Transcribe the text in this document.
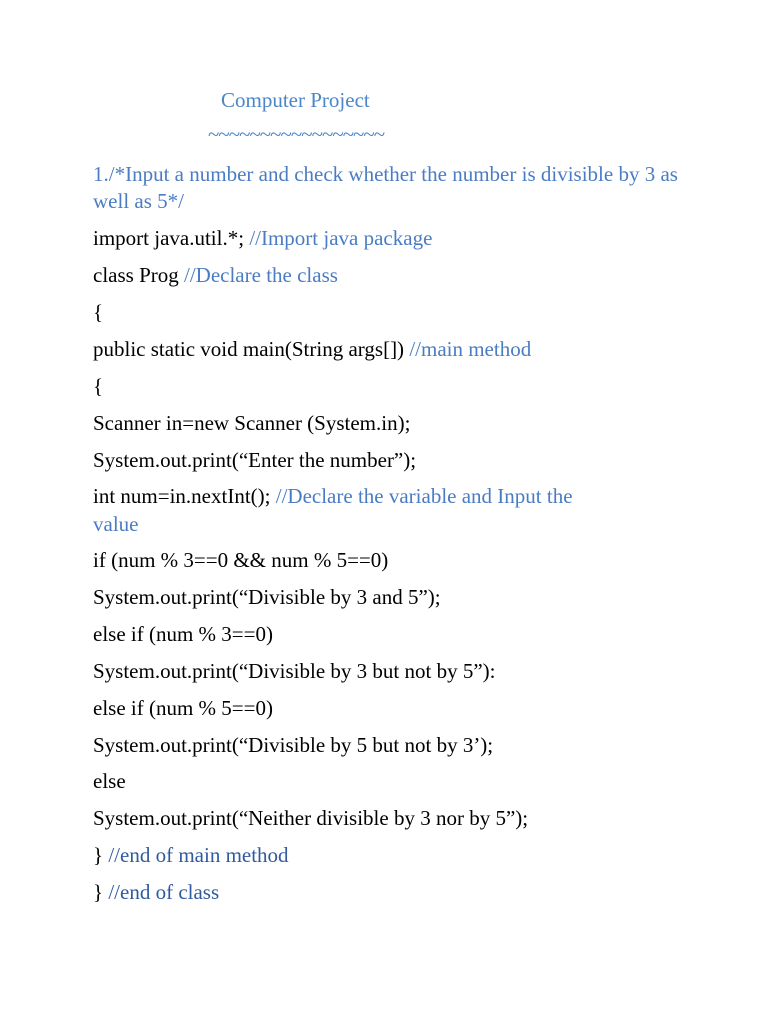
Computer Project
~~~~~~~~~~~~~~~~~
1./*Input a number and check whether the number is divisible by 3 as well as 5*/
import java.util.*; //Import java package
class Prog //Declare the class
{
public static void main(String args[]) //main method
{
Scanner in=new Scanner (System.in);
System.out.print(“Enter the number”);
int num=in.nextInt(); //Declare the variable and Input the
value
if (num % 3==0 && num % 5==0)
System.out.print(“Divisible by 3 and 5”);
else if (num % 3==0)
System.out.print(“Divisible by 3 but not by 5”):
else if (num % 5==0)
System.out.print(“Divisible by 5 but not by 3’);
else
System.out.print(“Neither divisible by 3 nor by 5”);
} //end of main method
} //end of class
